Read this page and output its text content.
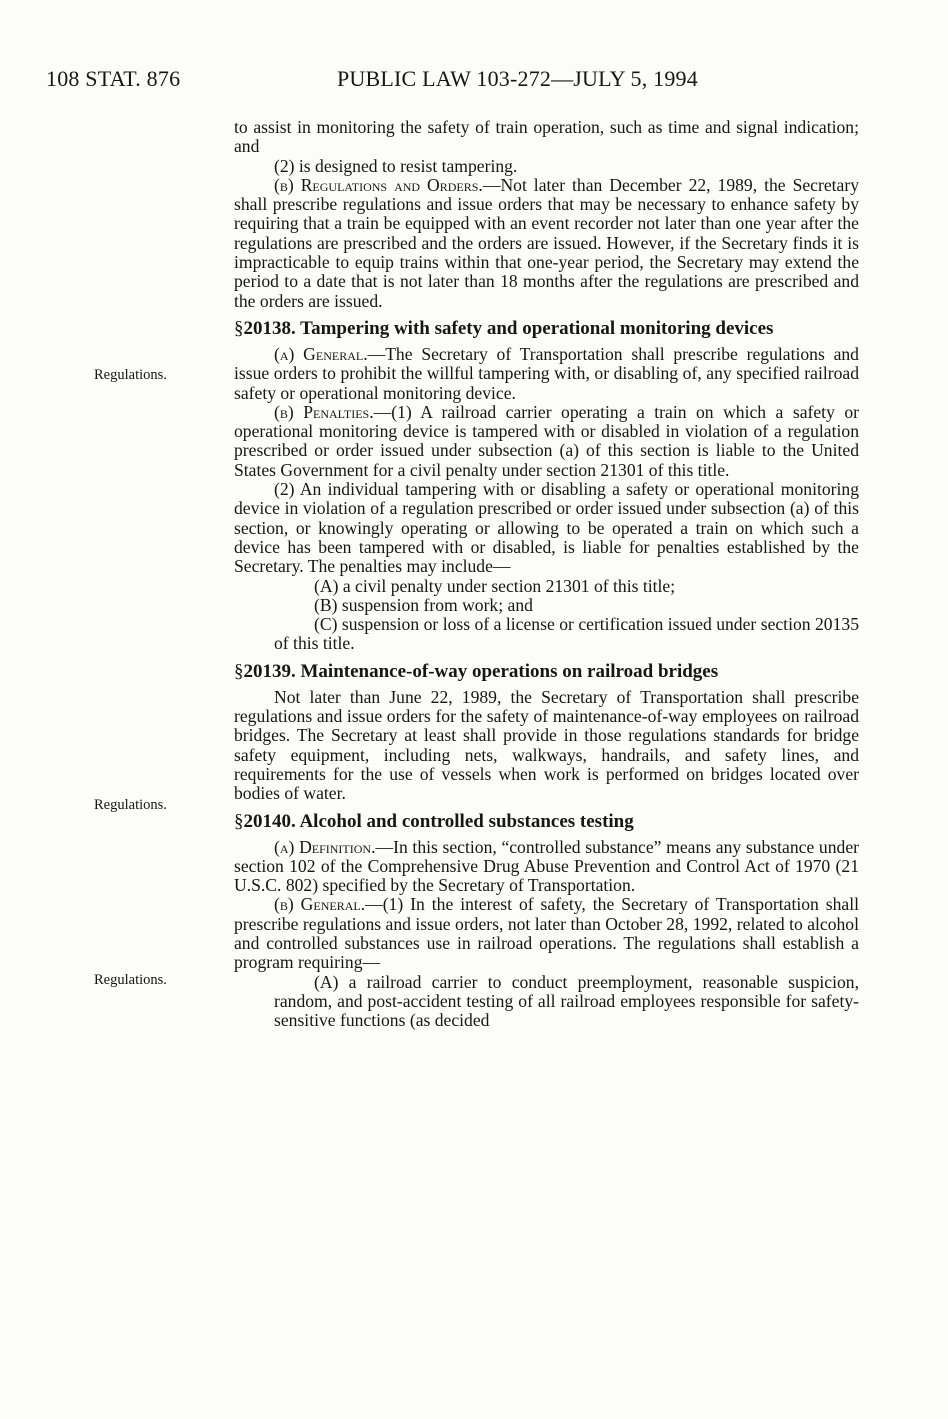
108 STAT. 876	PUBLIC LAW 103-272—JULY 5, 1994
Regulations.
Regulations.
Regulations.

to assist in monitoring the safety of train operation, such as time and signal indication; and

(2) is designed to resist tampering.

(b) Regulations and Orders.—Not later than December 22, 1989, the Secretary shall prescribe regulations and issue orders that may be necessary to enhance safety by requiring that a train be equipped with an event recorder not later than one year after the regulations are prescribed and the orders are issued. However, if the Secretary finds it is impracticable to equip trains within that one-year period, the Secretary may extend the period to a date that is not later than 18 months after the regulations are prescribed and the orders are issued.

§20138. Tampering with safety and operational monitoring devices

(a) General.—The Secretary of Transportation shall prescribe regulations and issue orders to prohibit the willful tampering with, or disabling of, any specified railroad safety or operational monitoring device.

(b) Penalties.—(1) A railroad carrier operating a train on which a safety or operational monitoring device is tampered with or disabled in violation of a regulation prescribed or order issued under subsection (a) of this section is liable to the United States Government for a civil penalty under section 21301 of this title.

(2) An individual tampering with or disabling a safety or operational monitoring device in violation of a regulation prescribed or order issued under subsection (a) of this section, or knowingly operating or allowing to be operated a train on which such a device has been tampered with or disabled, is liable for penalties established by the Secretary. The penalties may include—

(A) a civil penalty under section 21301 of this title;

(B) suspension from work; and

(C) suspension or loss of a license or certification issued under section 20135 of this title.

§20139. Maintenance-of-way operations on railroad bridges

Not later than June 22, 1989, the Secretary of Transportation shall prescribe regulations and issue orders for the safety of maintenance-of-way employees on railroad bridges. The Secretary at least shall provide in those regulations standards for bridge safety equipment, including nets, walkways, handrails, and safety lines, and requirements for the use of vessels when work is performed on bridges located over bodies of water.

§20140. Alcohol and controlled substances testing

(a) Definition.—In this section, “controlled substance” means any substance under section 102 of the Comprehensive Drug Abuse Prevention and Control Act of 1970 (21 U.S.C. 802) specified by the Secretary of Transportation.

(b) General.—(1) In the interest of safety, the Secretary of Transportation shall prescribe regulations and issue orders, not later than October 28, 1992, related to alcohol and controlled substances use in railroad operations. The regulations shall establish a program requiring—

(A) a railroad carrier to conduct preemployment, reasonable suspicion, random, and post-accident testing of all railroad employees responsible for safety-sensitive functions (as decided
